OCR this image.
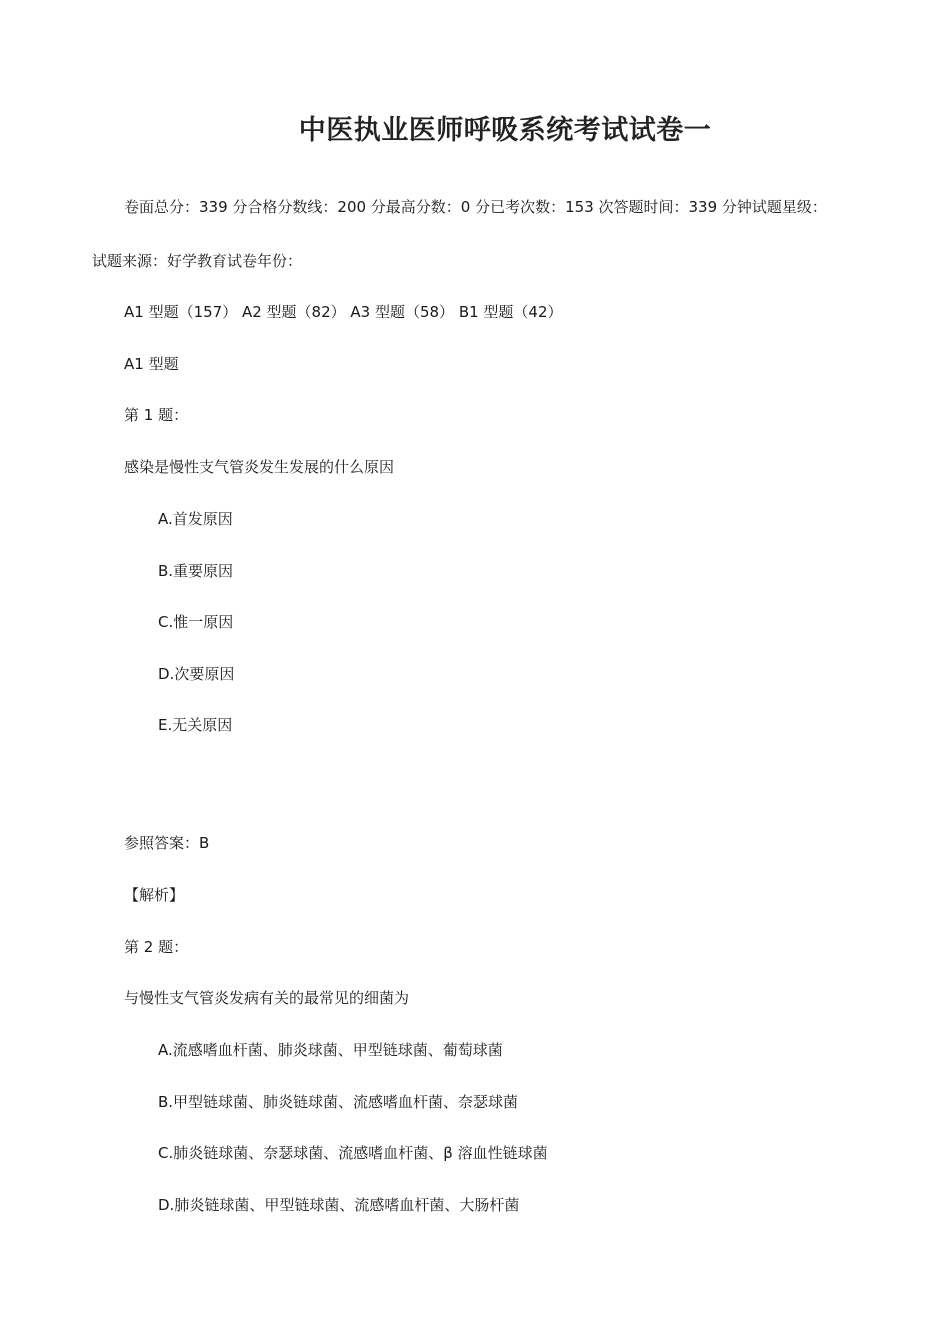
中医执业医师呼吸系统考试试卷一
卷面总分：339 分合格分数线：200 分最高分数：0 分已考次数：153 次答题时间：339 分钟试题星级：
试题来源：好学教育试卷年份：
A1 型题（157） A2 型题（82） A3 型题（58） B1 型题（42）
A1 型题
第 1 题：
感染是慢性支气管炎发生发展的什么原因
A.首发原因
B.重要原因
C.惟一原因
D.次要原因
E.无关原因
参照答案：B
【解析】
第 2 题：
与慢性支气管炎发病有关的最常见的细菌为
A.流感嗜血杆菌、肺炎球菌、甲型链球菌、葡萄球菌
B.甲型链球菌、肺炎链球菌、流感嗜血杆菌、奈瑟球菌
C.肺炎链球菌、奈瑟球菌、流感嗜血杆菌、β 溶血性链球菌
D.肺炎链球菌、甲型链球菌、流感嗜血杆菌、大肠杆菌
